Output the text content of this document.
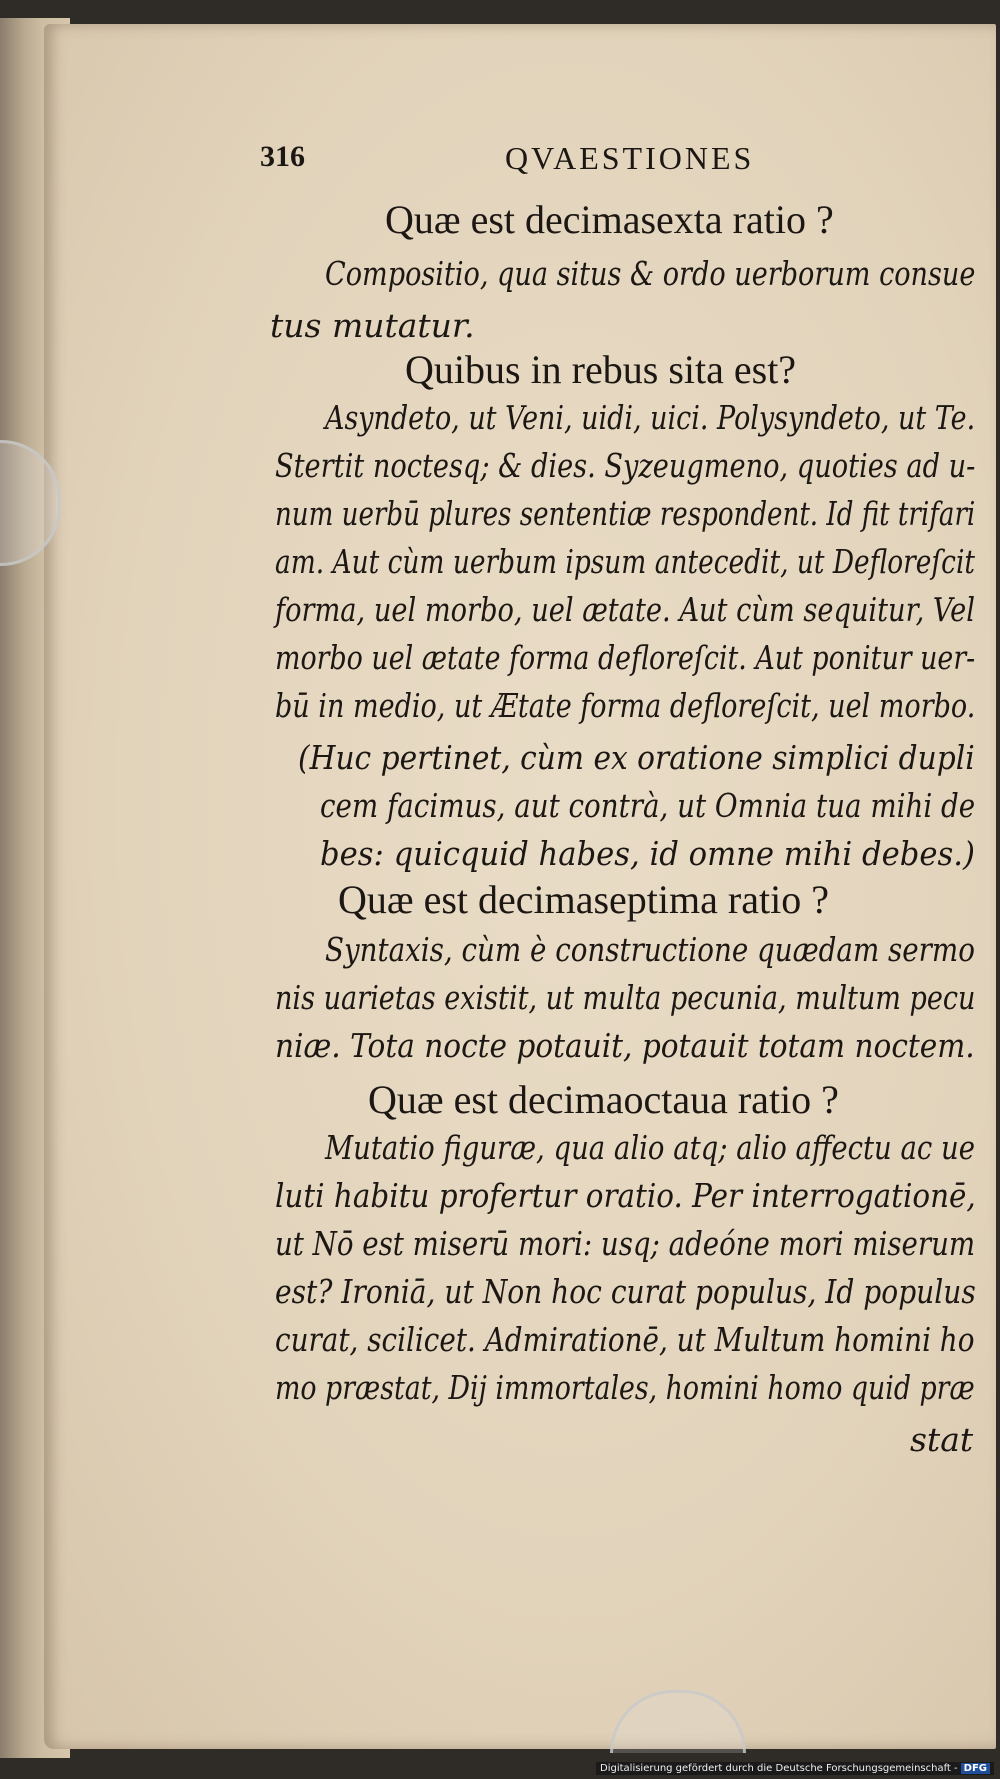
316	QVAESTIONES
Quæ est decimasexta ratio ?
Compositio, qua situs & ordo uerborum consue
tus mutatur.
Quibus in rebus sita est?
Asyndeto, ut Veni, uidi, uici. Polysyndeto, ut Te.
Stertit noctesq; & dies. Syzeugmeno, quoties ad u-
num uerbū plures sententiæ respondent. Id fit trifari
am. Aut cùm uerbum ipsum antecedit, ut Defloreſcit
forma, uel morbo, uel ætate. Aut cùm sequitur, Vel
morbo uel ætate forma defloreſcit. Aut ponitur uer-
bū in medio, ut Ætate forma defloreſcit, uel morbo.
(Huc pertinet, cùm ex oratione simplici dupli
cem facimus, aut contrà, ut Omnia tua mihi de
bes: quicquid habes, id omne mihi debes.)
Quæ est decimaseptima ratio ?
Syntaxis, cùm è constructione quædam sermo
nis uarietas existit, ut multa pecunia, multum pecu
niæ. Tota nocte potauit, potauit totam noctem.
Quæ est decimaoctaua ratio ?
Mutatio figuræ, qua alio atq; alio affectu ac ue
luti habitu profertur oratio. Per interrogationē,
ut Nō est miserū mori: usq; adeóne mori miserum
est? Ironiā, ut Non hoc curat populus, Id populus
curat, scilicet. Admirationē, ut Multum homini ho
mo præstat, Dij immortales, homini homo quid præ
stat
Digitalisierung gefördert durch die Deutsche Forschungsgemeinschaft - DFG
